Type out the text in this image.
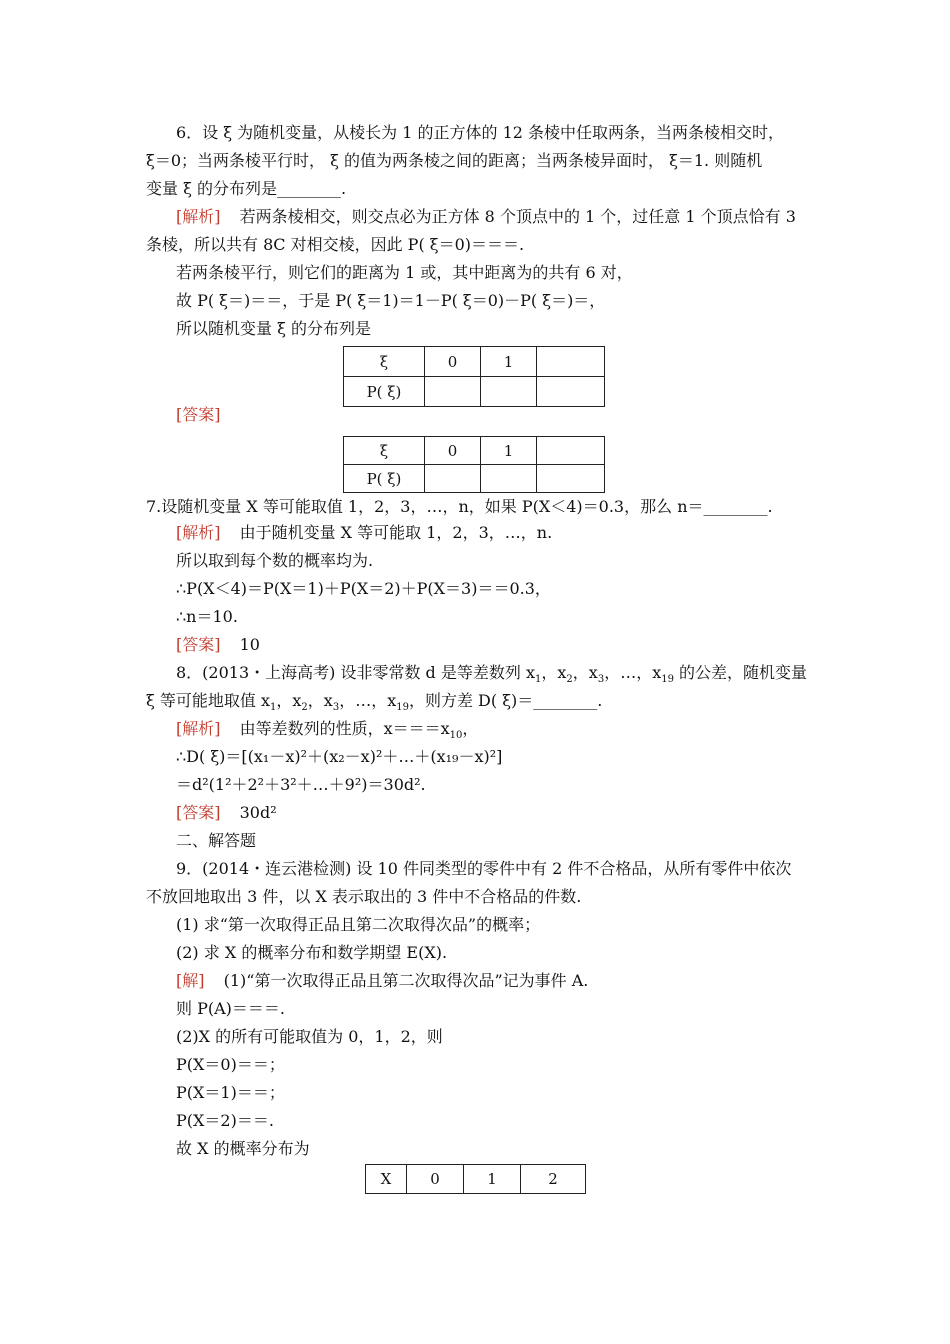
6．设 ξ 为随机变量，从棱长为 1 的正方体的 12 条棱中任取两条，当两条棱相交时，
ξ＝0；当两条棱平行时， ξ 的值为两条棱之间的距离；当两条棱异面时， ξ＝1. 则随机
变量 ξ 的分布列是________.
[解析] 若两条棱相交，则交点必为正方体 8 个顶点中的 1 个，过任意 1 个顶点恰有 3
条棱，所以共有 8C 对相交棱，因此 P( ξ＝0)＝＝＝.
若两条棱平行，则它们的距离为 1 或，其中距离为的共有 6 对，
故 P( ξ＝)＝＝，于是 P( ξ＝1)＝1－P( ξ＝0)－P( ξ＝)＝，
所以随机变量 ξ 的分布列是
ξ	0	1	
P( ξ)			
[答案]
ξ	0	1	
P( ξ)			
7.设随机变量 X 等可能取值 1，2，3，…，n，如果 P(X＜4)＝0.3，那么 n＝________.
[解析] 由于随机变量 X 等可能取 1，2，3，…，n.
所以取到每个数的概率均为.
∴P(X＜4)＝P(X＝1)＋P(X＝2)＋P(X＝3)＝＝0.3，
∴n＝10.
[答案] 10
8．(2013・上海高考) 设非零常数 d 是等差数列 $x_1$，$x_2$，$x_3$，…，$x_{19}$ 的公差，随机变量
ξ 等可能地取值 $x_1$，$x_2$，$x_3$，…，$x_{19}$，则方差 D( ξ)＝________.
[解析] 由等差数列的性质，$x===x_{10}$，
∴D( ξ)＝[(x₁－x)²＋(x₂－x)²＋…＋(x₁₉－x)²]
＝d²(1²＋2²＋3²＋…＋9²)＝30d².
[答案] 30d²
二、解答题
9．(2014・连云港检测) 设 10 件同类型的零件中有 2 件不合格品，从所有零件中依次
不放回地取出 3 件，以 X 表示取出的 3 件中不合格品的件数.
(1) 求“第一次取得正品且第二次取得次品”的概率；
(2) 求 X 的概率分布和数学期望 E(X).
[解] (1)“第一次取得正品且第二次取得次品”记为事件 A.
则 P(A)＝＝＝.
(2)X 的所有可能取值为 0，1，2，则
P(X＝0)＝＝；
P(X＝1)＝＝；
P(X＝2)＝＝.
故 X 的概率分布为
X	0	1	2
